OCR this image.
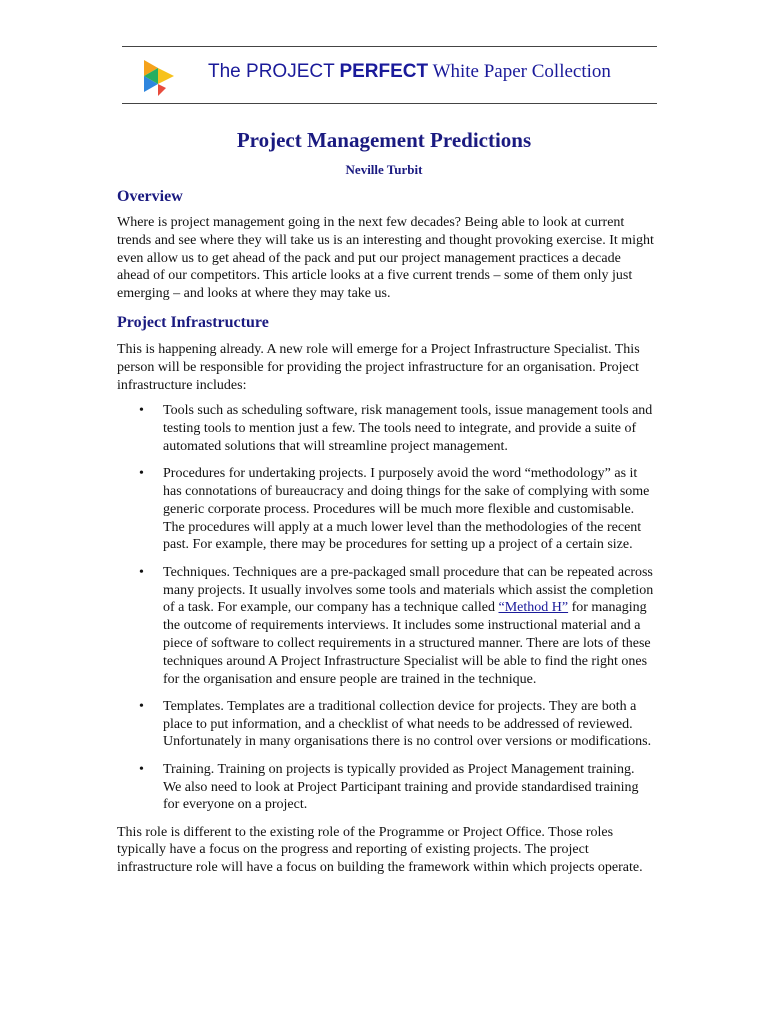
The PROJECT PERFECT White Paper Collection
Project Management Predictions
Neville Turbit
Overview

Where is project management going in the next few decades? Being able to look at current trends and see where they will take us is an interesting and thought provoking exercise. It might even allow us to get ahead of the pack and put our project management practices a decade ahead of our competitors. This article looks at a five current trends – some of them only just emerging – and looks at where they may take us.

Project Infrastructure

This is happening already. A new role will emerge for a Project Infrastructure Specialist. This person will be responsible for providing the project infrastructure for an organisation. Project infrastructure includes:

• Tools such as scheduling software, risk management tools, issue management tools and testing tools to mention just a few. The tools need to integrate, and provide a suite of automated solutions that will streamline project management.
• Procedures for undertaking projects. I purposely avoid the word “methodology” as it has connotations of bureaucracy and doing things for the sake of complying with some generic corporate process. Procedures will be much more flexible and customisable. The procedures will apply at a much lower level than the methodologies of the recent past. For example, there may be procedures for setting up a project of a certain size.
• Techniques. Techniques are a pre-packaged small procedure that can be repeated across many projects. It usually involves some tools and materials which assist the completion of a task. For example, our company has a technique called “Method H” for managing the outcome of requirements interviews. It includes some instructional material and a piece of software to collect requirements in a structured manner. There are lots of these techniques around A Project Infrastructure Specialist will be able to find the right ones for the organisation and ensure people are trained in the technique.
• Templates. Templates are a traditional collection device for projects. They are both a place to put information, and a checklist of what needs to be addressed of reviewed. Unfortunately in many organisations there is no control over versions or modifications.
• Training. Training on projects is typically provided as Project Management training. We also need to look at Project Participant training and provide standardised training for everyone on a project.

This role is different to the existing role of the Programme or Project Office. Those roles typically have a focus on the progress and reporting of existing projects. The project infrastructure role will have a focus on building the framework within which projects operate.
